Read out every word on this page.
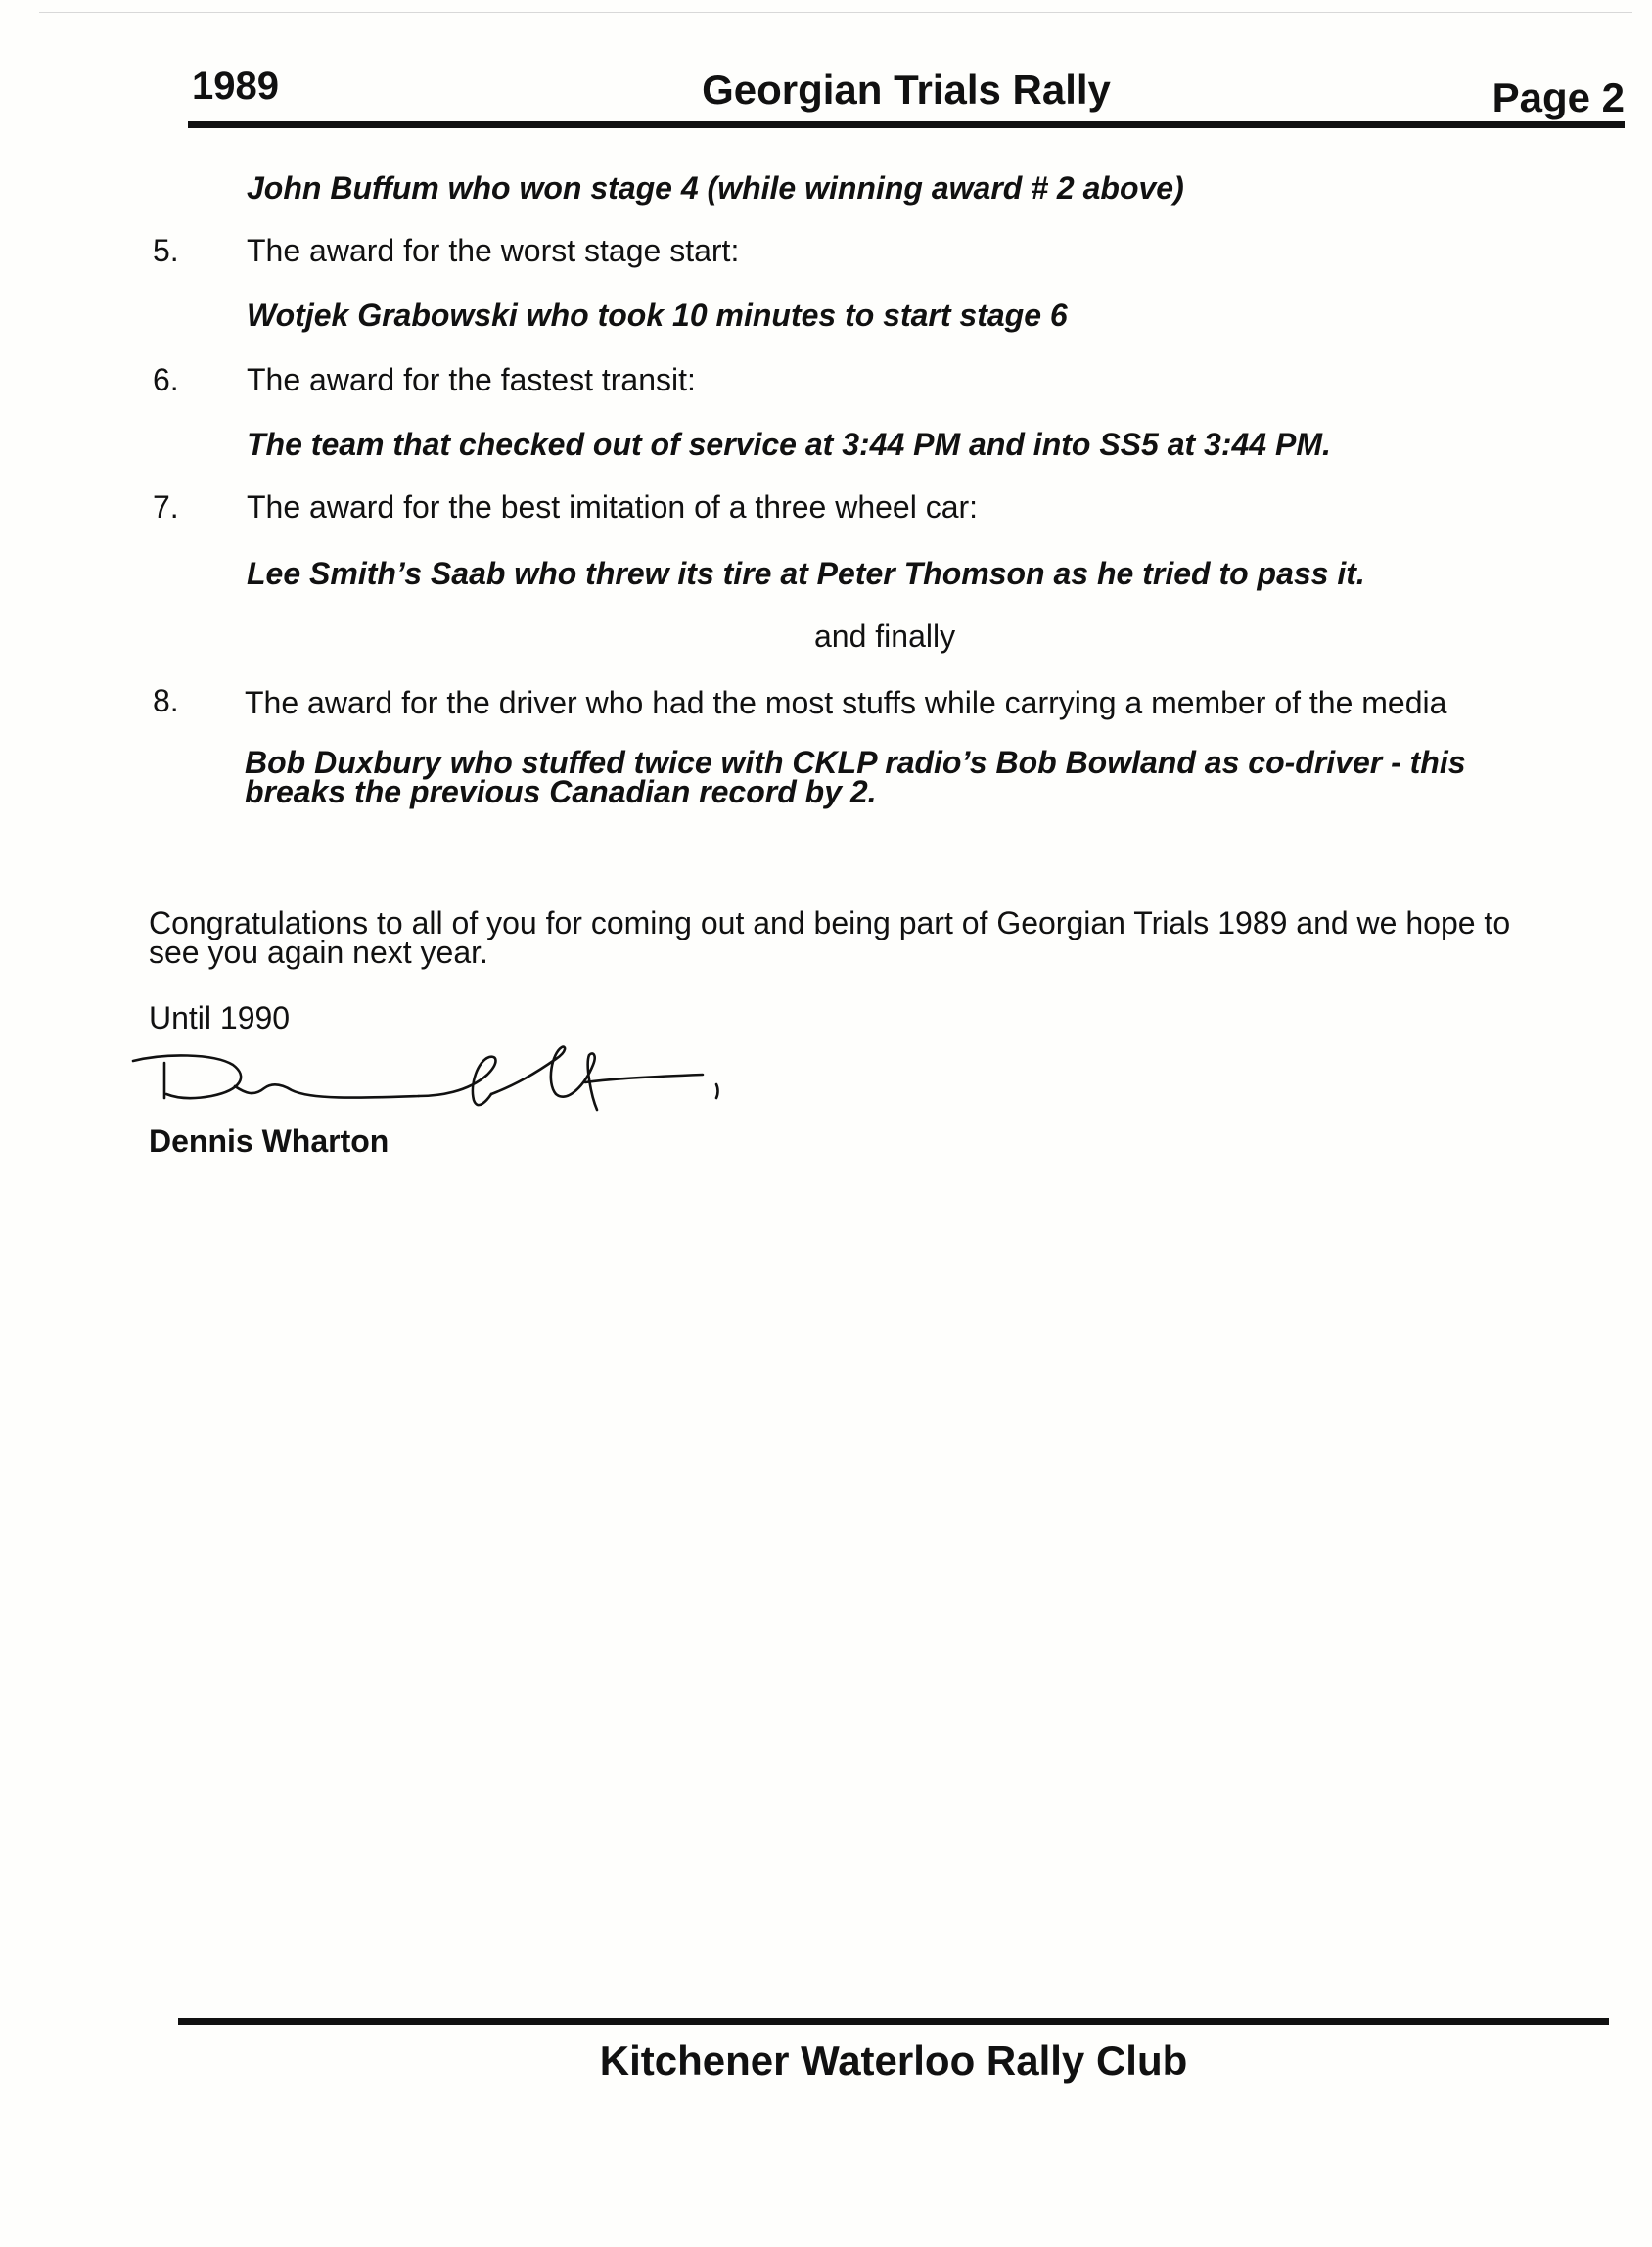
1989	Georgian Trials Rally	Page 2
John Buffum who won stage 4 (while winning award # 2 above)
5. The award for the worst stage start:
Wotjek Grabowski who took 10 minutes to start stage 6
6. The award for the fastest transit:
The team that checked out of service at 3:44 PM and into SS5 at 3:44 PM.
7. The award for the best imitation of a three wheel car:
Lee Smith’s Saab who threw its tire at Peter Thomson as he tried to pass it.
and finally
8. The award for the driver who had the most stuffs while carrying a member of the media
Bob Duxbury who stuffed twice with CKLP radio’s Bob Bowland as co-driver - this
breaks the previous Canadian record by 2.
Congratulations to all of you for coming out and being part of Georgian Trials 1989 and we hope to
see you again next year.
Until 1990
Dennis Wharton
Kitchener Waterloo Rally Club
